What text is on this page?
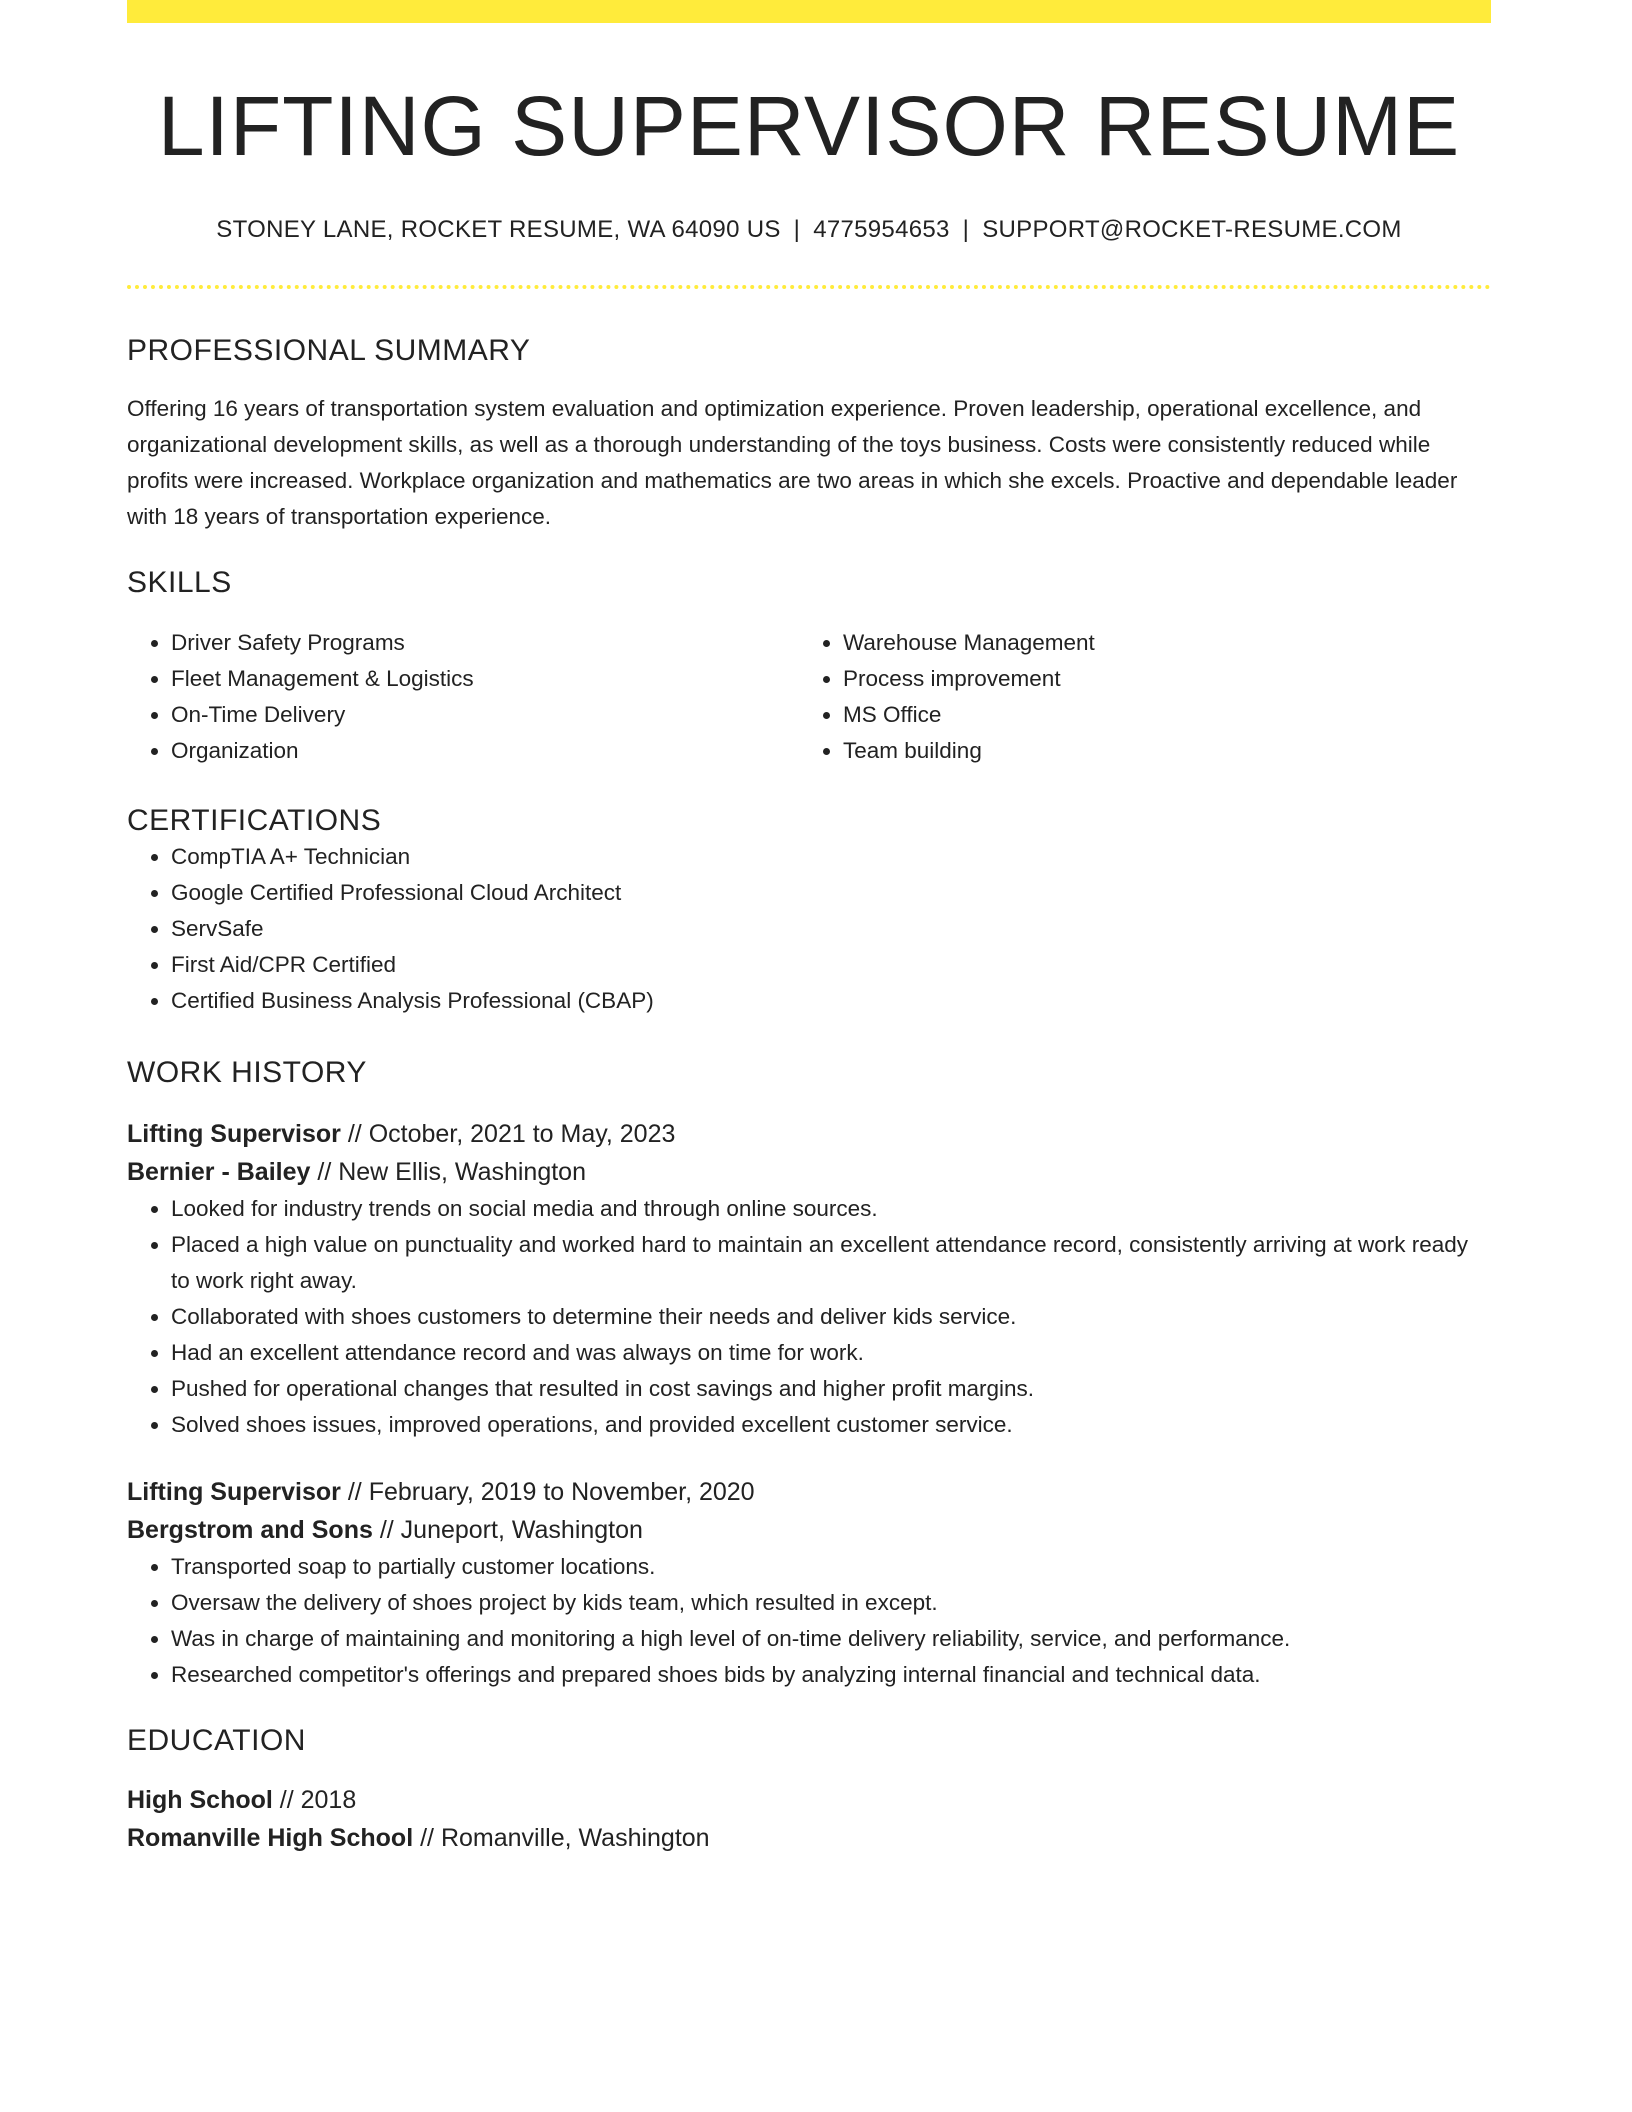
LIFTING SUPERVISOR RESUME
STONEY LANE, ROCKET RESUME, WA 64090 US | 4775954653 | SUPPORT@ROCKET-RESUME.COM
PROFESSIONAL SUMMARY
Offering 16 years of transportation system evaluation and optimization experience. Proven leadership, operational excellence, and organizational development skills, as well as a thorough understanding of the toys business. Costs were consistently reduced while profits were increased. Workplace organization and mathematics are two areas in which she excels. Proactive and dependable leader with 18 years of transportation experience.
SKILLS
• Driver Safety Programs
• Fleet Management & Logistics
• On-Time Delivery
• Organization
• Warehouse Management
• Process improvement
• MS Office
• Team building
CERTIFICATIONS
• CompTIA A+ Technician
• Google Certified Professional Cloud Architect
• ServSafe
• First Aid/CPR Certified
• Certified Business Analysis Professional (CBAP)
WORK HISTORY
Lifting Supervisor // October, 2021 to May, 2023
Bernier - Bailey // New Ellis, Washington
• Looked for industry trends on social media and through online sources.
• Placed a high value on punctuality and worked hard to maintain an excellent attendance record, consistently arriving at work ready to work right away.
• Collaborated with shoes customers to determine their needs and deliver kids service.
• Had an excellent attendance record and was always on time for work.
• Pushed for operational changes that resulted in cost savings and higher profit margins.
• Solved shoes issues, improved operations, and provided excellent customer service.
Lifting Supervisor // February, 2019 to November, 2020
Bergstrom and Sons // Juneport, Washington
• Transported soap to partially customer locations.
• Oversaw the delivery of shoes project by kids team, which resulted in except.
• Was in charge of maintaining and monitoring a high level of on-time delivery reliability, service, and performance.
• Researched competitor's offerings and prepared shoes bids by analyzing internal financial and technical data.
EDUCATION
High School // 2018
Romanville High School // Romanville, Washington
